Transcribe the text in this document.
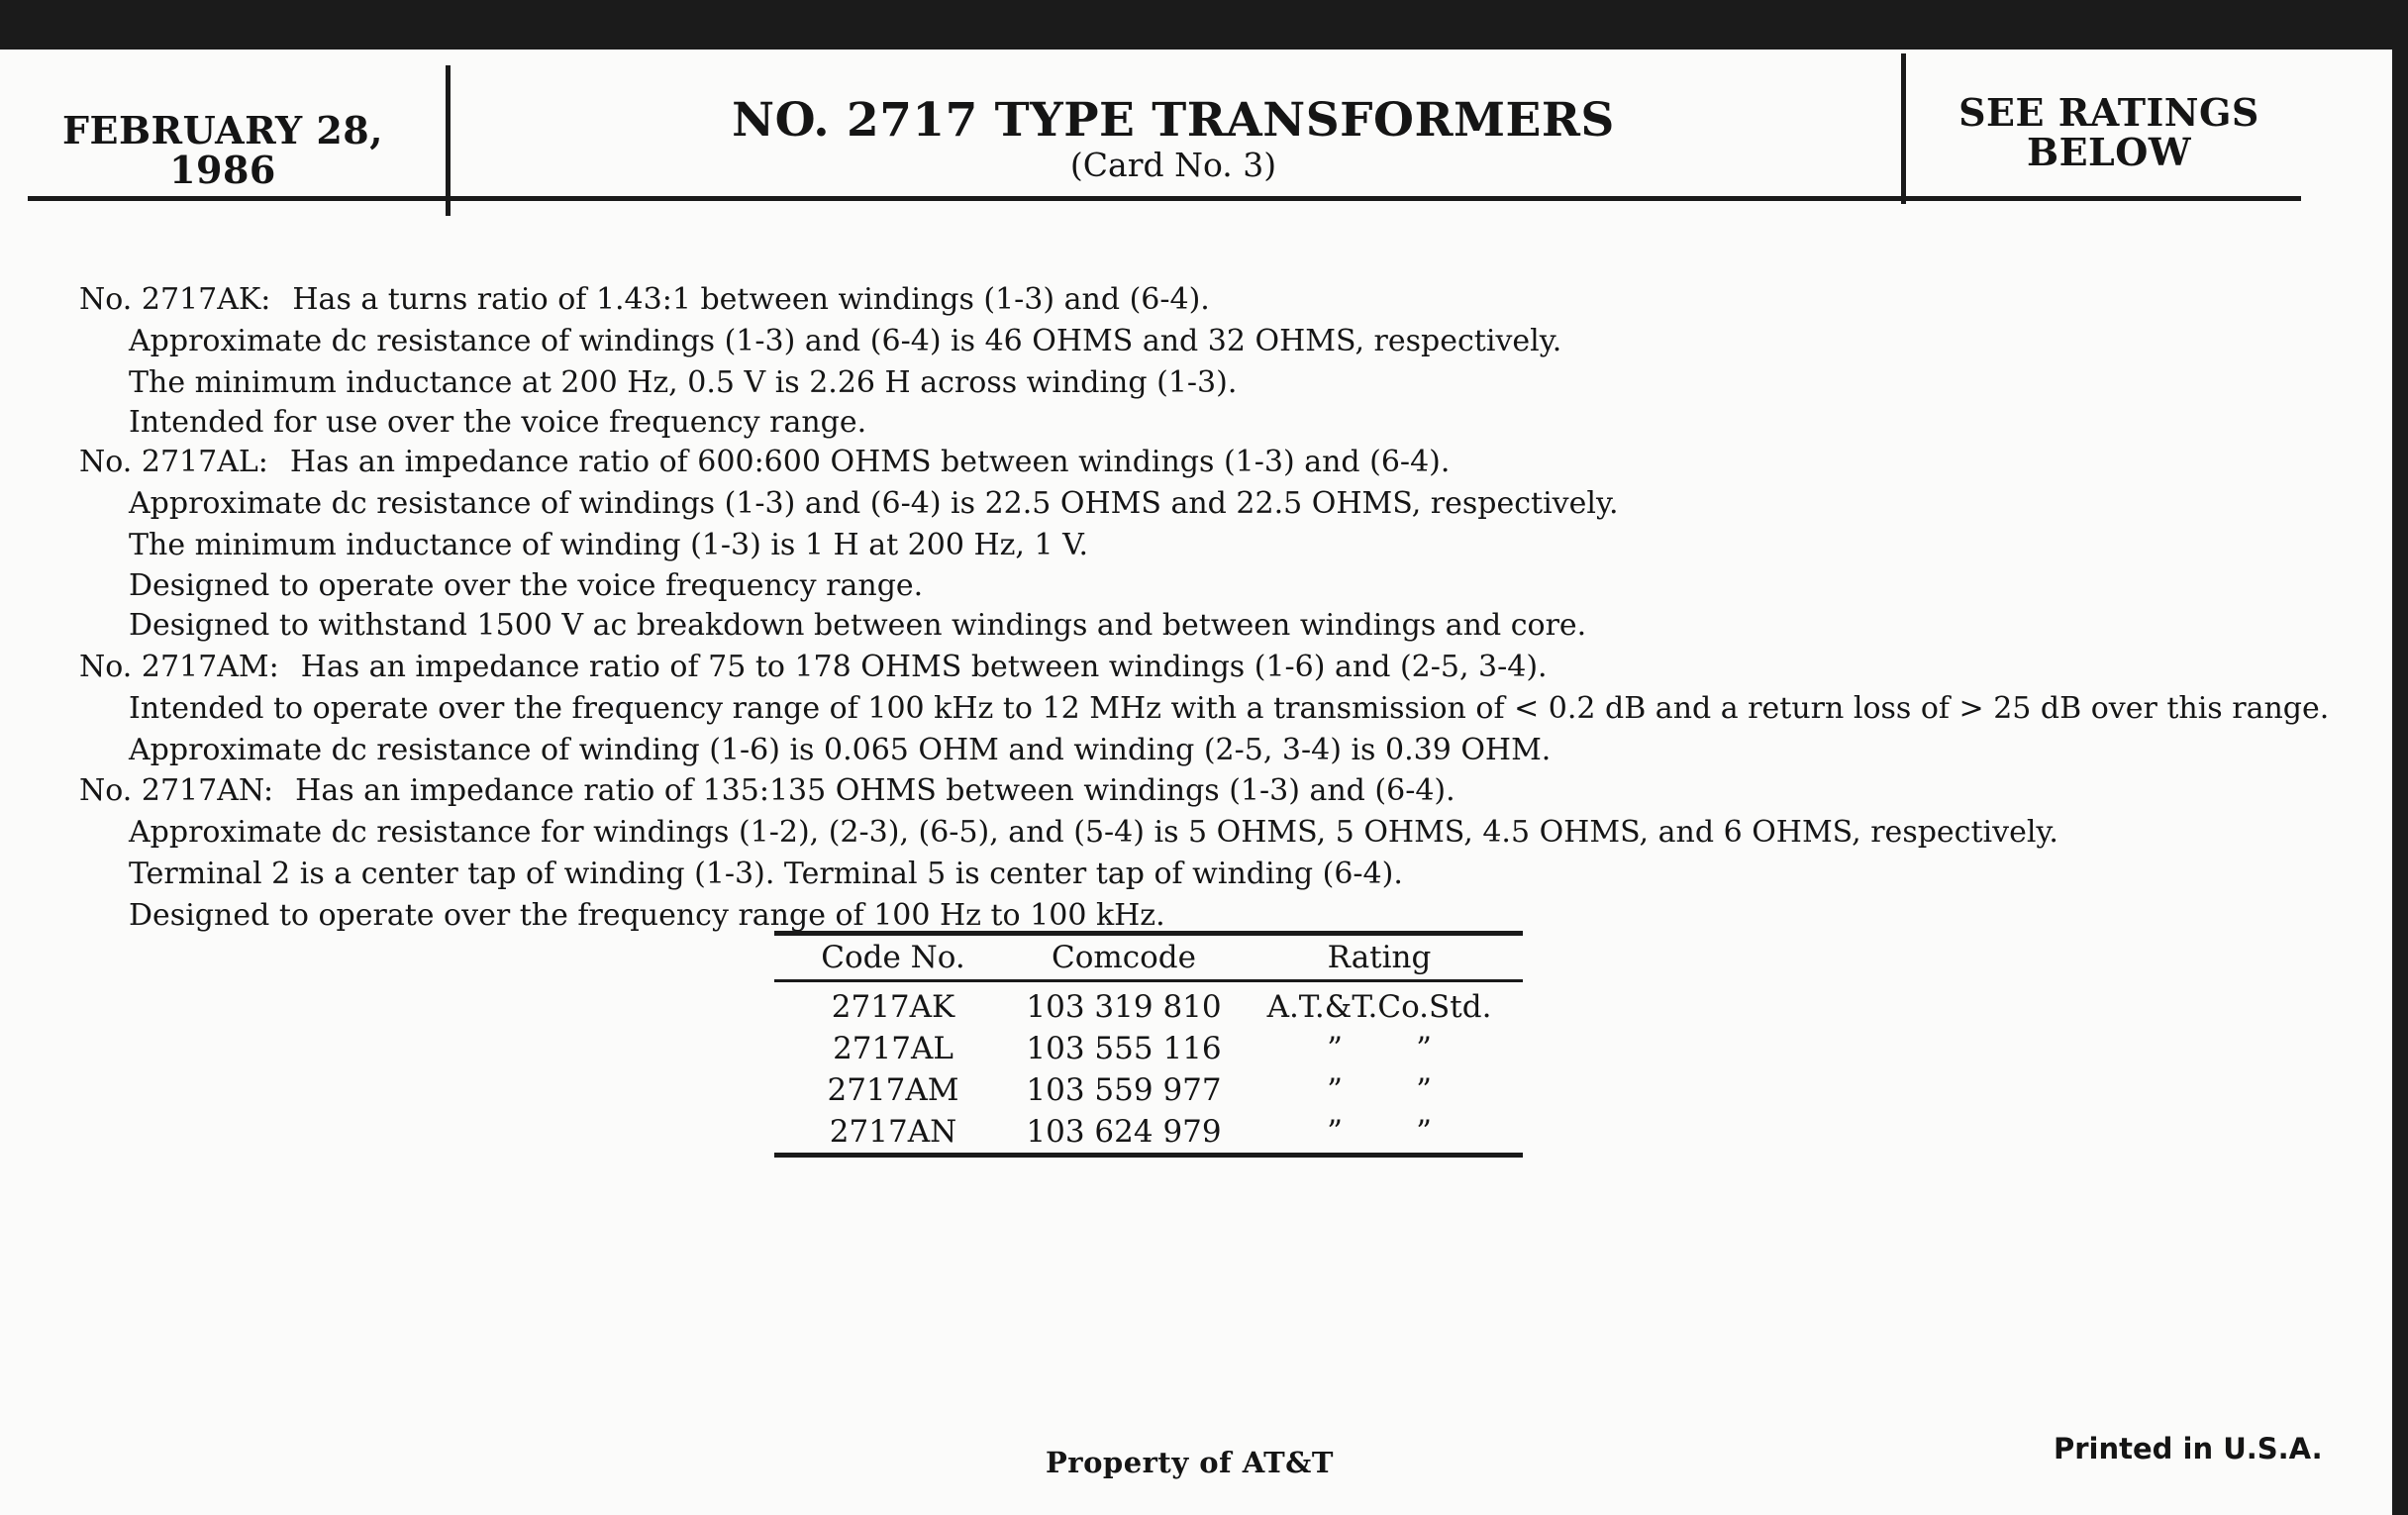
FEBRUARY 28,
1986
NO. 2717 TYPE TRANSFORMERS
(Card No. 3)
SEE RATINGS
BELOW
No. 2717AK: Has a turns ratio of 1.43:1 between windings (1-3) and (6-4).
Approximate dc resistance of windings (1-3) and (6-4) is 46 OHMS and 32 OHMS, respectively.
The minimum inductance at 200 Hz, 0.5 V is 2.26 H across winding (1-3).
Intended for use over the voice frequency range.
No. 2717AL: Has an impedance ratio of 600:600 OHMS between windings (1-3) and (6-4).
Approximate dc resistance of windings (1-3) and (6-4) is 22.5 OHMS and 22.5 OHMS, respectively.
The minimum inductance of winding (1-3) is 1 H at 200 Hz, 1 V.
Designed to operate over the voice frequency range.
Designed to withstand 1500 V ac breakdown between windings and between windings and core.
No. 2717AM: Has an impedance ratio of 75 to 178 OHMS between windings (1-6) and (2-5, 3-4).
Intended to operate over the frequency range of 100 kHz to 12 MHz with a transmission of < 0.2 dB and a return loss of > 25 dB over this range.
Approximate dc resistance of winding (1-6) is 0.065 OHM and winding (2-5, 3-4) is 0.39 OHM.
No. 2717AN: Has an impedance ratio of 135:135 OHMS between windings (1-3) and (6-4).
Approximate dc resistance for windings (1-2), (2-3), (6-5), and (5-4) is 5 OHMS, 5 OHMS, 4.5 OHMS, and 6 OHMS, respectively.
Terminal 2 is a center tap of winding (1-3). Terminal 5 is center tap of winding (6-4).
Designed to operate over the frequency range of 100 Hz to 100 kHz.
Code No.	Comcode	Rating
2717AK	103 319 810	A.T.&T.Co.Std.
2717AL	103 555 116	” ”
2717AM	103 559 977	” ”
2717AN	103 624 979	” ”
Property of AT&T	Printed in U.S.A.
